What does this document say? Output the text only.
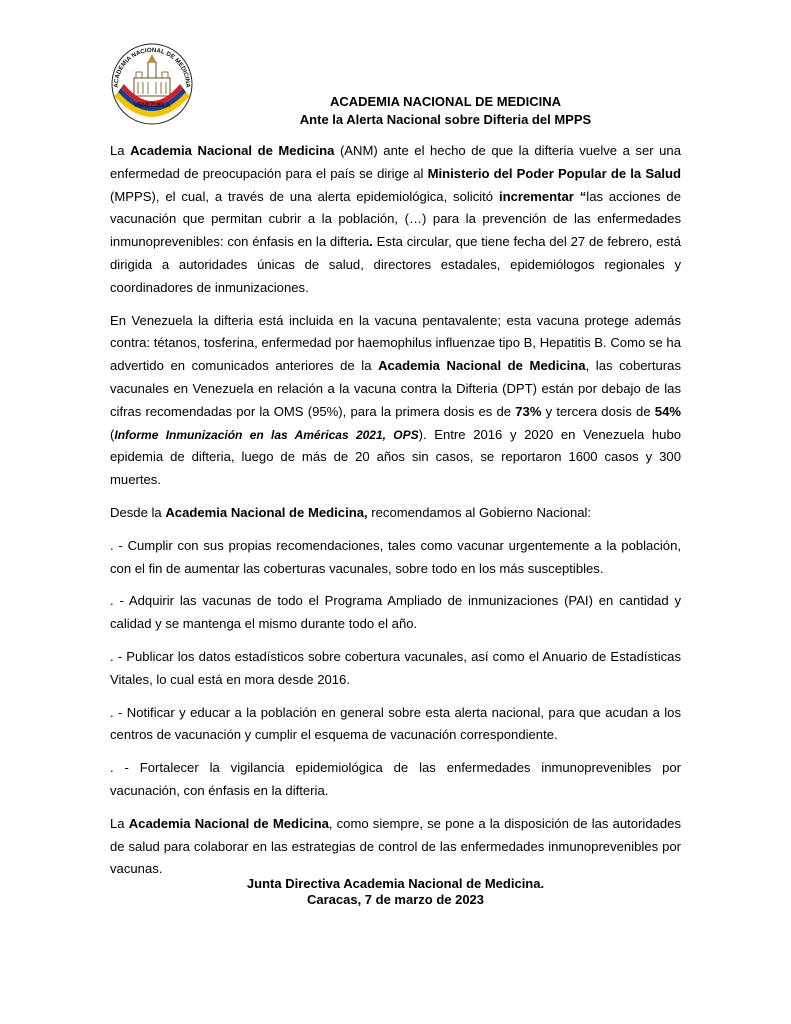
ACADEMIA NACIONAL DE MEDICINA
VENEZUELA	ACADEMIA NACIONAL DE MEDICINA
Ante la Alerta Nacional sobre Difteria del MPPS

La Academia Nacional de Medicina (ANM) ante el hecho de que la difteria vuelve a ser una enfermedad de preocupación para el país se dirige al Ministerio del Poder Popular de la Salud (MPPS), el cual, a través de una alerta epidemiológica, solicitó incrementar “las acciones de vacunación que permitan cubrir a la población, (…) para la prevención de las enfermedades inmunoprevenibles: con énfasis en la difteria. Esta circular, que tiene fecha del 27 de febrero, está dirigida a autoridades únicas de salud, directores estadales, epidemiólogos regionales y coordinadores de inmunizaciones.

En Venezuela la difteria está incluida en la vacuna pentavalente; esta vacuna protege además contra: tétanos, tosferina, enfermedad por haemophilus influenzae tipo B, Hepatitis B. Como se ha advertido en comunicados anteriores de la Academia Nacional de Medicina, las coberturas vacunales en Venezuela en relación a la vacuna contra la Difteria (DPT) están por debajo de las cifras recomendadas por la OMS (95%), para la primera dosis es de 73% y tercera dosis de 54% (Informe Inmunización en las Américas 2021, OPS). Entre 2016 y 2020 en Venezuela hubo epidemia de difteria, luego de más de 20 años sin casos, se reportaron 1600 casos y 300 muertes.

Desde la Academia Nacional de Medicina, recomendamos al Gobierno Nacional:

. - Cumplir con sus propias recomendaciones, tales como vacunar urgentemente a la población, con el fin de aumentar las coberturas vacunales, sobre todo en los más susceptibles.

. - Adquirir las vacunas de todo el Programa Ampliado de inmunizaciones (PAI) en cantidad y calidad y se mantenga el mismo durante todo el año.

. - Publicar los datos estadísticos sobre cobertura vacunales, así como el Anuario de Estadísticas Vitales, lo cual está en mora desde 2016.

. - Notificar y educar a la población en general sobre esta alerta nacional, para que acudan a los centros de vacunación y cumplir el esquema de vacunación correspondiente.

. - Fortalecer la vigilancia epidemiológica de las enfermedades inmunoprevenibles por vacunación, con énfasis en la difteria.

La Academia Nacional de Medicina, como siempre, se pone a la disposición de las autoridades de salud para colaborar en las estrategias de control de las enfermedades inmunoprevenibles por vacunas.

Junta Directiva Academia Nacional de Medicina.
Caracas, 7 de marzo de 2023
